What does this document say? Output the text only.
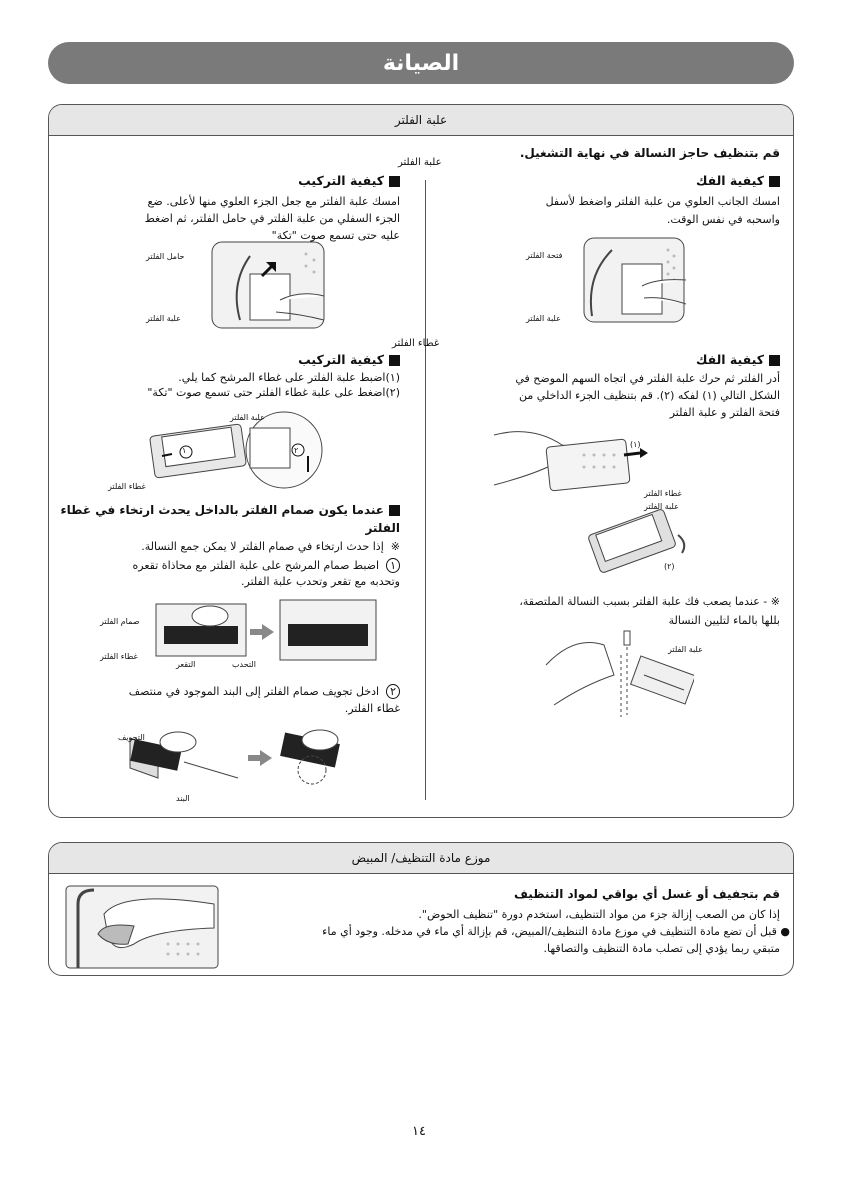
الصيانة
علبة الفلتر
قم بتنظيف حاجز النسالة في نهاية التشغيل.
كيفية الفك
امسك الجانب العلوي من علبة الفلتر واضغط لأسفل
واسحبه في نفس الوقت.
فتحة الفلتر
علبة الفلتر
كيفية الفك
أدر الفلتر ثم حرك علبة الفلتر في اتجاه السهم الموضح في
الشكل التالي (١) لفكه (٢). قم بتنظيف الجزء الداخلي من
فتحة الفلتر و علبة الفلتر
(١)
غطاء الفلتر
علبة الفلتر
(٢)
※ - عندما يصعب فك علبة الفلتر بسبب النسالة الملتصقة،
بللها بالماء لتليين النسالة
علبة الفلتر
علبة الفلتر
كيفية التركيب
امسك علبة الفلتر مع جعل الجزء العلوي منها لأعلى. ضع
الجزء السفلي من علبة الفلتر في حامل الفلتر، ثم اضغط
عليه حتى تسمع صوت "تكة"
حامل الفلتر
علبة الفلتر
غطاء الفلتر
كيفية التركيب
(١)اضبط علبة الفلتر على غطاء المرشح كما يلي.
(٢)اضغط على علبة غطاء الفلتر حتى تسمع صوت "تكة"
علبة الفلتر
غطاء الفلتر
١	٢
عندما يكون صمام الفلتر بالداخل يحدث ارتخاء في غطاء
الفلتر
※  إذا حدث ارتخاء في صمام الفلتر لا يمكن جمع النسالة.
١  اضبط صمام المرشح على علبة الفلتر مع محاذاة تقعره
وتحدبه مع تقعر وتحدب علبة الفلتر.
صمام الفلتر
غطاء الفلتر
التقعر	التحدب
٢  ادخل تجويف صمام الفلتر إلى البند الموجود في منتصف
غطاء الفلتر.
التجويف
البند
موزع مادة التنظيف/ المبيض
قم بتجفيف أو غسل أي بواقي لمواد التنظيف
إذا كان من الصعب إزالة جزء من مواد التنظيف، استخدم دورة "تنظيف الحوض".
● قبل أن تضع مادة التنظيف في موزع مادة التنظيف/المبيض، قم بإزالة أي ماء في مدخله. وجود أي ماء
متبقي ربما يؤدي إلى تصلب مادة التنظيف والتصاقها.
١٤
